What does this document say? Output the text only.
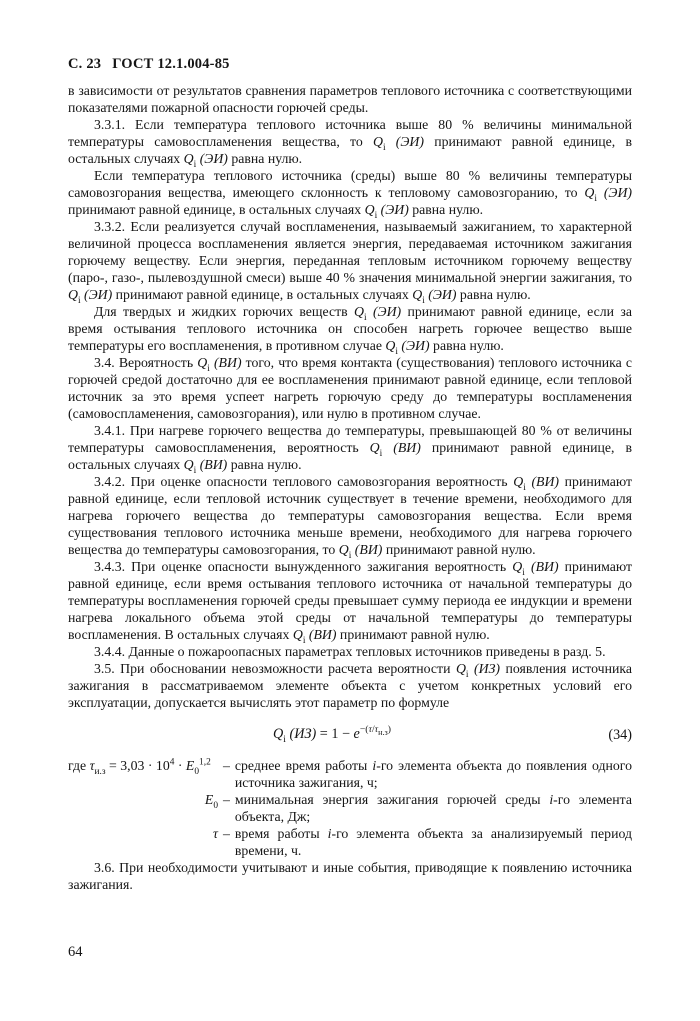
С. 23 ГОСТ 12.1.004-85

в зависимости от результатов сравнения параметров теплового источника с соответствующими показателями пожарной опасности горючей среды.

3.3.1. Если температура теплового источника выше 80 % величины минимальной температуры самовоспламенения вещества, то $Q_i$ (ЭИ) принимают равной единице, в остальных случаях $Q_i$ (ЭИ) равна нулю.

Если температура теплового источника (среды) выше 80 % величины температуры самовозгорания вещества, имеющего склонность к тепловому самовозгоранию, то $Q_i$ (ЭИ) принимают равной единице, в остальных случаях $Q_i$ (ЭИ) равна нулю.

3.3.2. Если реализуется случай воспламенения, называемый зажиганием, то характерной величиной процесса воспламенения является энергия, передаваемая источником зажигания горючему веществу. Если энергия, переданная тепловым источником горючему веществу (паро-, газо-, пылевоздушной смеси) выше 40 % значения минимальной энергии зажигания, то $Q_i$ (ЭИ) принимают равной единице, в остальных случаях $Q_i$ (ЭИ) равна нулю.

Для твердых и жидких горючих веществ $Q_i$ (ЭИ) принимают равной единице, если за время остывания теплового источника он способен нагреть горючее вещество выше температуры его воспламенения, в противном случае $Q_i$ (ЭИ) равна нулю.

3.4. Вероятность $Q_i$ (ВИ) того, что время контакта (существования) теплового источника с горючей средой достаточно для ее воспламенения принимают равной единице, если тепловой источник за это время успеет нагреть горючую среду до температуры воспламенения (самовоспламенения, самовозгорания), или нулю в противном случае.

3.4.1. При нагреве горючего вещества до температуры, превышающей 80 % от величины температуры самовоспламенения, вероятность $Q_i$ (ВИ) принимают равной единице, в остальных случаях $Q_i$ (ВИ) равна нулю.

3.4.2. При оценке опасности теплового самовозгорания вероятность $Q_i$ (ВИ) принимают равной единице, если тепловой источник существует в течение времени, необходимого для нагрева горючего вещества до температуры самовозгорания вещества. Если время существования теплового источника меньше времени, необходимого для нагрева горючего вещества до температуры самовозгорания, то $Q_i$ (ВИ) принимают равной нулю.

3.4.3. При оценке опасности вынужденного зажигания вероятность $Q_i$ (ВИ) принимают равной единице, если время остывания теплового источника от начальной температуры до температуры воспламенения горючей среды превышает сумму периода ее индукции и времени нагрева локального объема этой среды от начальной температуры до температуры воспламенения. В остальных случаях $Q_i$ (ВИ) принимают равной нулю.

3.4.4. Данные о пожароопасных параметрах тепловых источников приведены в разд. 5.

3.5. При обосновании невозможности расчета вероятности $Q_i$ (ИЗ) появления источника зажигания в рассматриваемом элементе объекта с учетом конкретных условий его эксплуатации, допускается вычислять этот параметр по формуле

$Q_i$ $(ИЗ) = 1 - e^{-(\tau/\tau_{н.з})}$	(34)
где $\tau_{и.з} = 3,03 \cdot 10^4 \cdot E_0^{1,2}$ – среднее время работы i-го элемента объекта до появления одного источника зажигания, ч;
$E_0$ – минимальная энергия зажигания горючей среды i-го элемента объекта, Дж;
τ – время работы i-го элемента объекта за анализируемый период времени, ч.

3.6. При необходимости учитывают и иные события, приводящие к появлению источника зажигания.

64
